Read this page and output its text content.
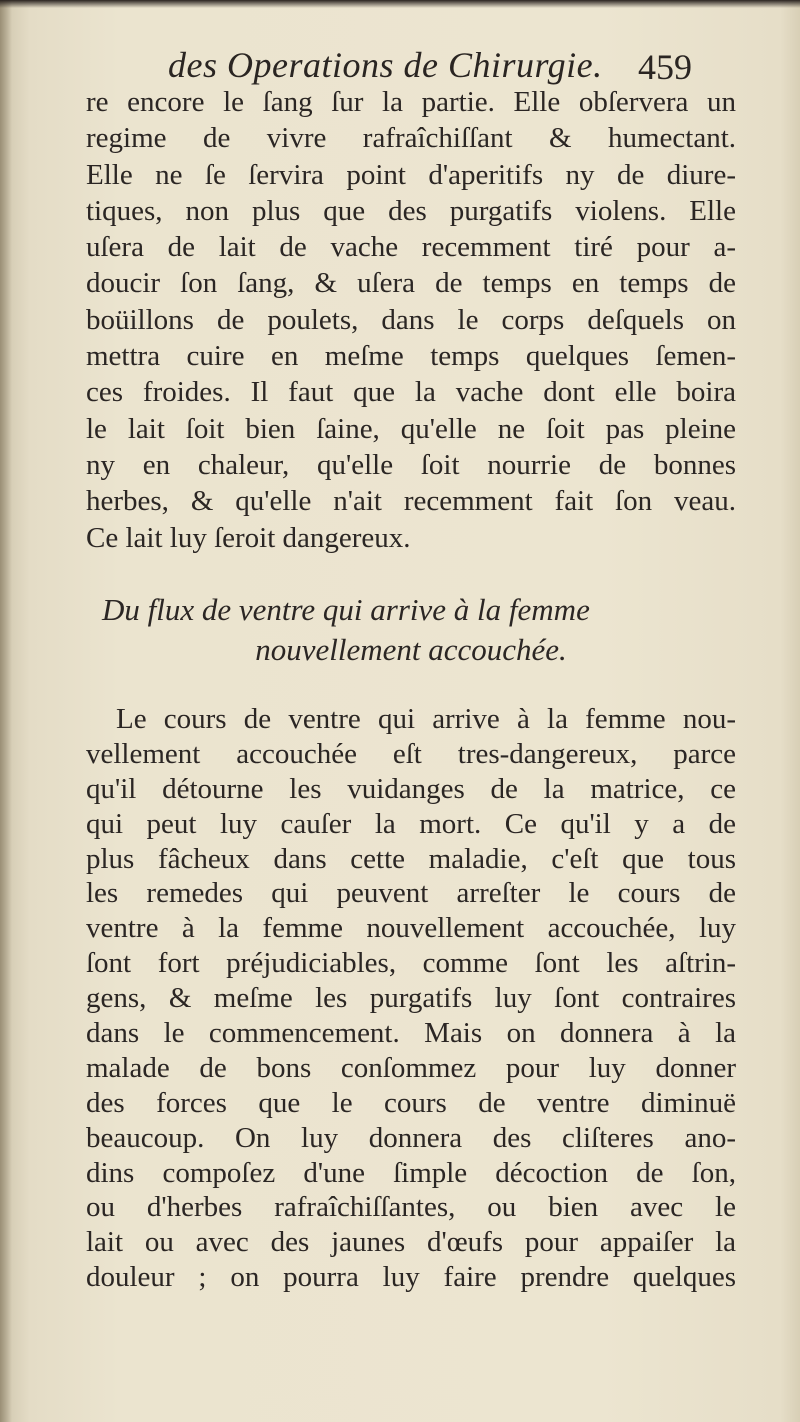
des Operations de Chirurgie. 459
re encore le ſang ſur la partie. Elle obſervera un
regime de vivre rafraîchiſſant & humectant.
Elle ne ſe ſervira point d'aperitifs ny de diure-
tiques, non plus que des purgatifs violens. Elle
uſera de lait de vache recemment tiré pour a-
doucir ſon ſang, & uſera de temps en temps de
boüillons de poulets, dans le corps deſquels on
mettra cuire en meſme temps quelques ſemen-
ces froides. Il faut que la vache dont elle boira
le lait ſoit bien ſaine, qu'elle ne ſoit pas pleine
ny en chaleur, qu'elle ſoit nourrie de bonnes
herbes, & qu'elle n'ait recemment fait ſon veau.
Ce lait luy ſeroit dangereux.
Du flux de ventre qui arrive à la femme
nouvellement accouchée.
Le cours de ventre qui arrive à la femme nou-
vellement accouchée eſt tres-dangereux, parce
qu'il détourne les vuidanges de la matrice, ce
qui peut luy cauſer la mort. Ce qu'il y a de
plus fâcheux dans cette maladie, c'eſt que tous
les remedes qui peuvent arreſter le cours de
ventre à la femme nouvellement accouchée, luy
ſont fort préjudiciables, comme ſont les aſtrin-
gens, & meſme les purgatifs luy ſont contraires
dans le commencement. Mais on donnera à la
malade de bons conſommez pour luy donner
des forces que le cours de ventre diminuë
beaucoup. On luy donnera des cliſteres ano-
dins compoſez d'une ſimple décoction de ſon,
ou d'herbes rafraîchiſſantes, ou bien avec le
lait ou avec des jaunes d'œufs pour appaiſer la
douleur ; on pourra luy faire prendre quelques
